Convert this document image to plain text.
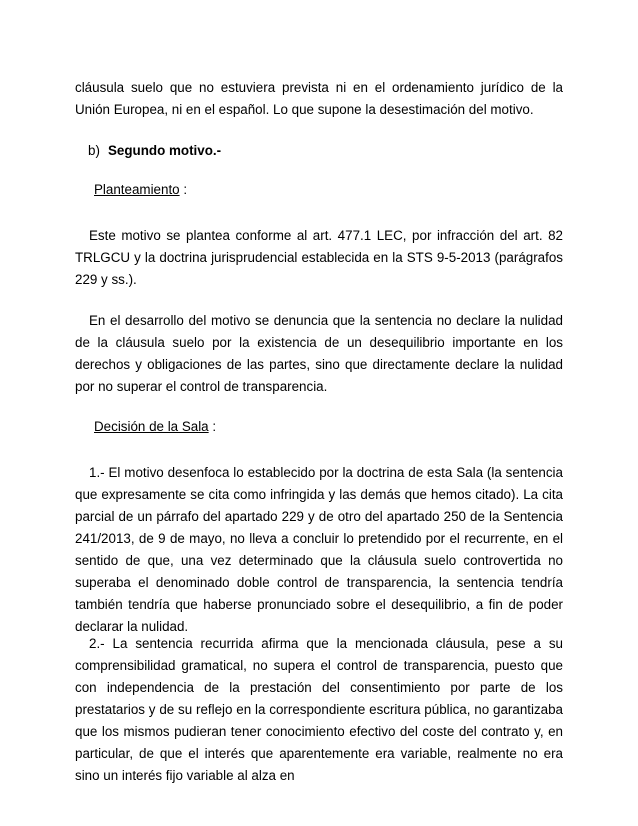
cláusula suelo que no estuviera prevista ni en el ordenamiento jurídico de la Unión Europea, ni en el español. Lo que supone la desestimación del motivo.

b) Segundo motivo.-
Planteamiento :

Este motivo se plantea conforme al art. 477.1 LEC, por infracción del art. 82 TRLGCU y la doctrina jurisprudencial establecida en la STS 9-5-2013 (parágrafos 229 y ss.).

En el desarrollo del motivo se denuncia que la sentencia no declare la nulidad de la cláusula suelo por la existencia de un desequilibrio importante en los derechos y obligaciones de las partes, sino que directamente declare la nulidad por no superar el control de transparencia.

Decisión de la Sala :

1.- El motivo desenfoca lo establecido por la doctrina de esta Sala (la sentencia que expresamente se cita como infringida y las demás que hemos citado). La cita parcial de un párrafo del apartado 229 y de otro del apartado 250 de la Sentencia 241/2013, de 9 de mayo, no lleva a concluir lo pretendido por el recurrente, en el sentido de que, una vez determinado que la cláusula suelo controvertida no superaba el denominado doble control de transparencia, la sentencia tendría también tendría que haberse pronunciado sobre el desequilibrio, a fin de poder declarar la nulidad.

2.- La sentencia recurrida afirma que la mencionada cláusula, pese a su comprensibilidad gramatical, no supera el control de transparencia, puesto que con independencia de la prestación del consentimiento por parte de los prestatarios y de su reflejo en la correspondiente escritura pública, no garantizaba que los mismos pudieran tener conocimiento efectivo del coste del contrato y, en particular, de que el interés que aparentemente era variable, realmente no era sino un interés fijo variable al alza en
